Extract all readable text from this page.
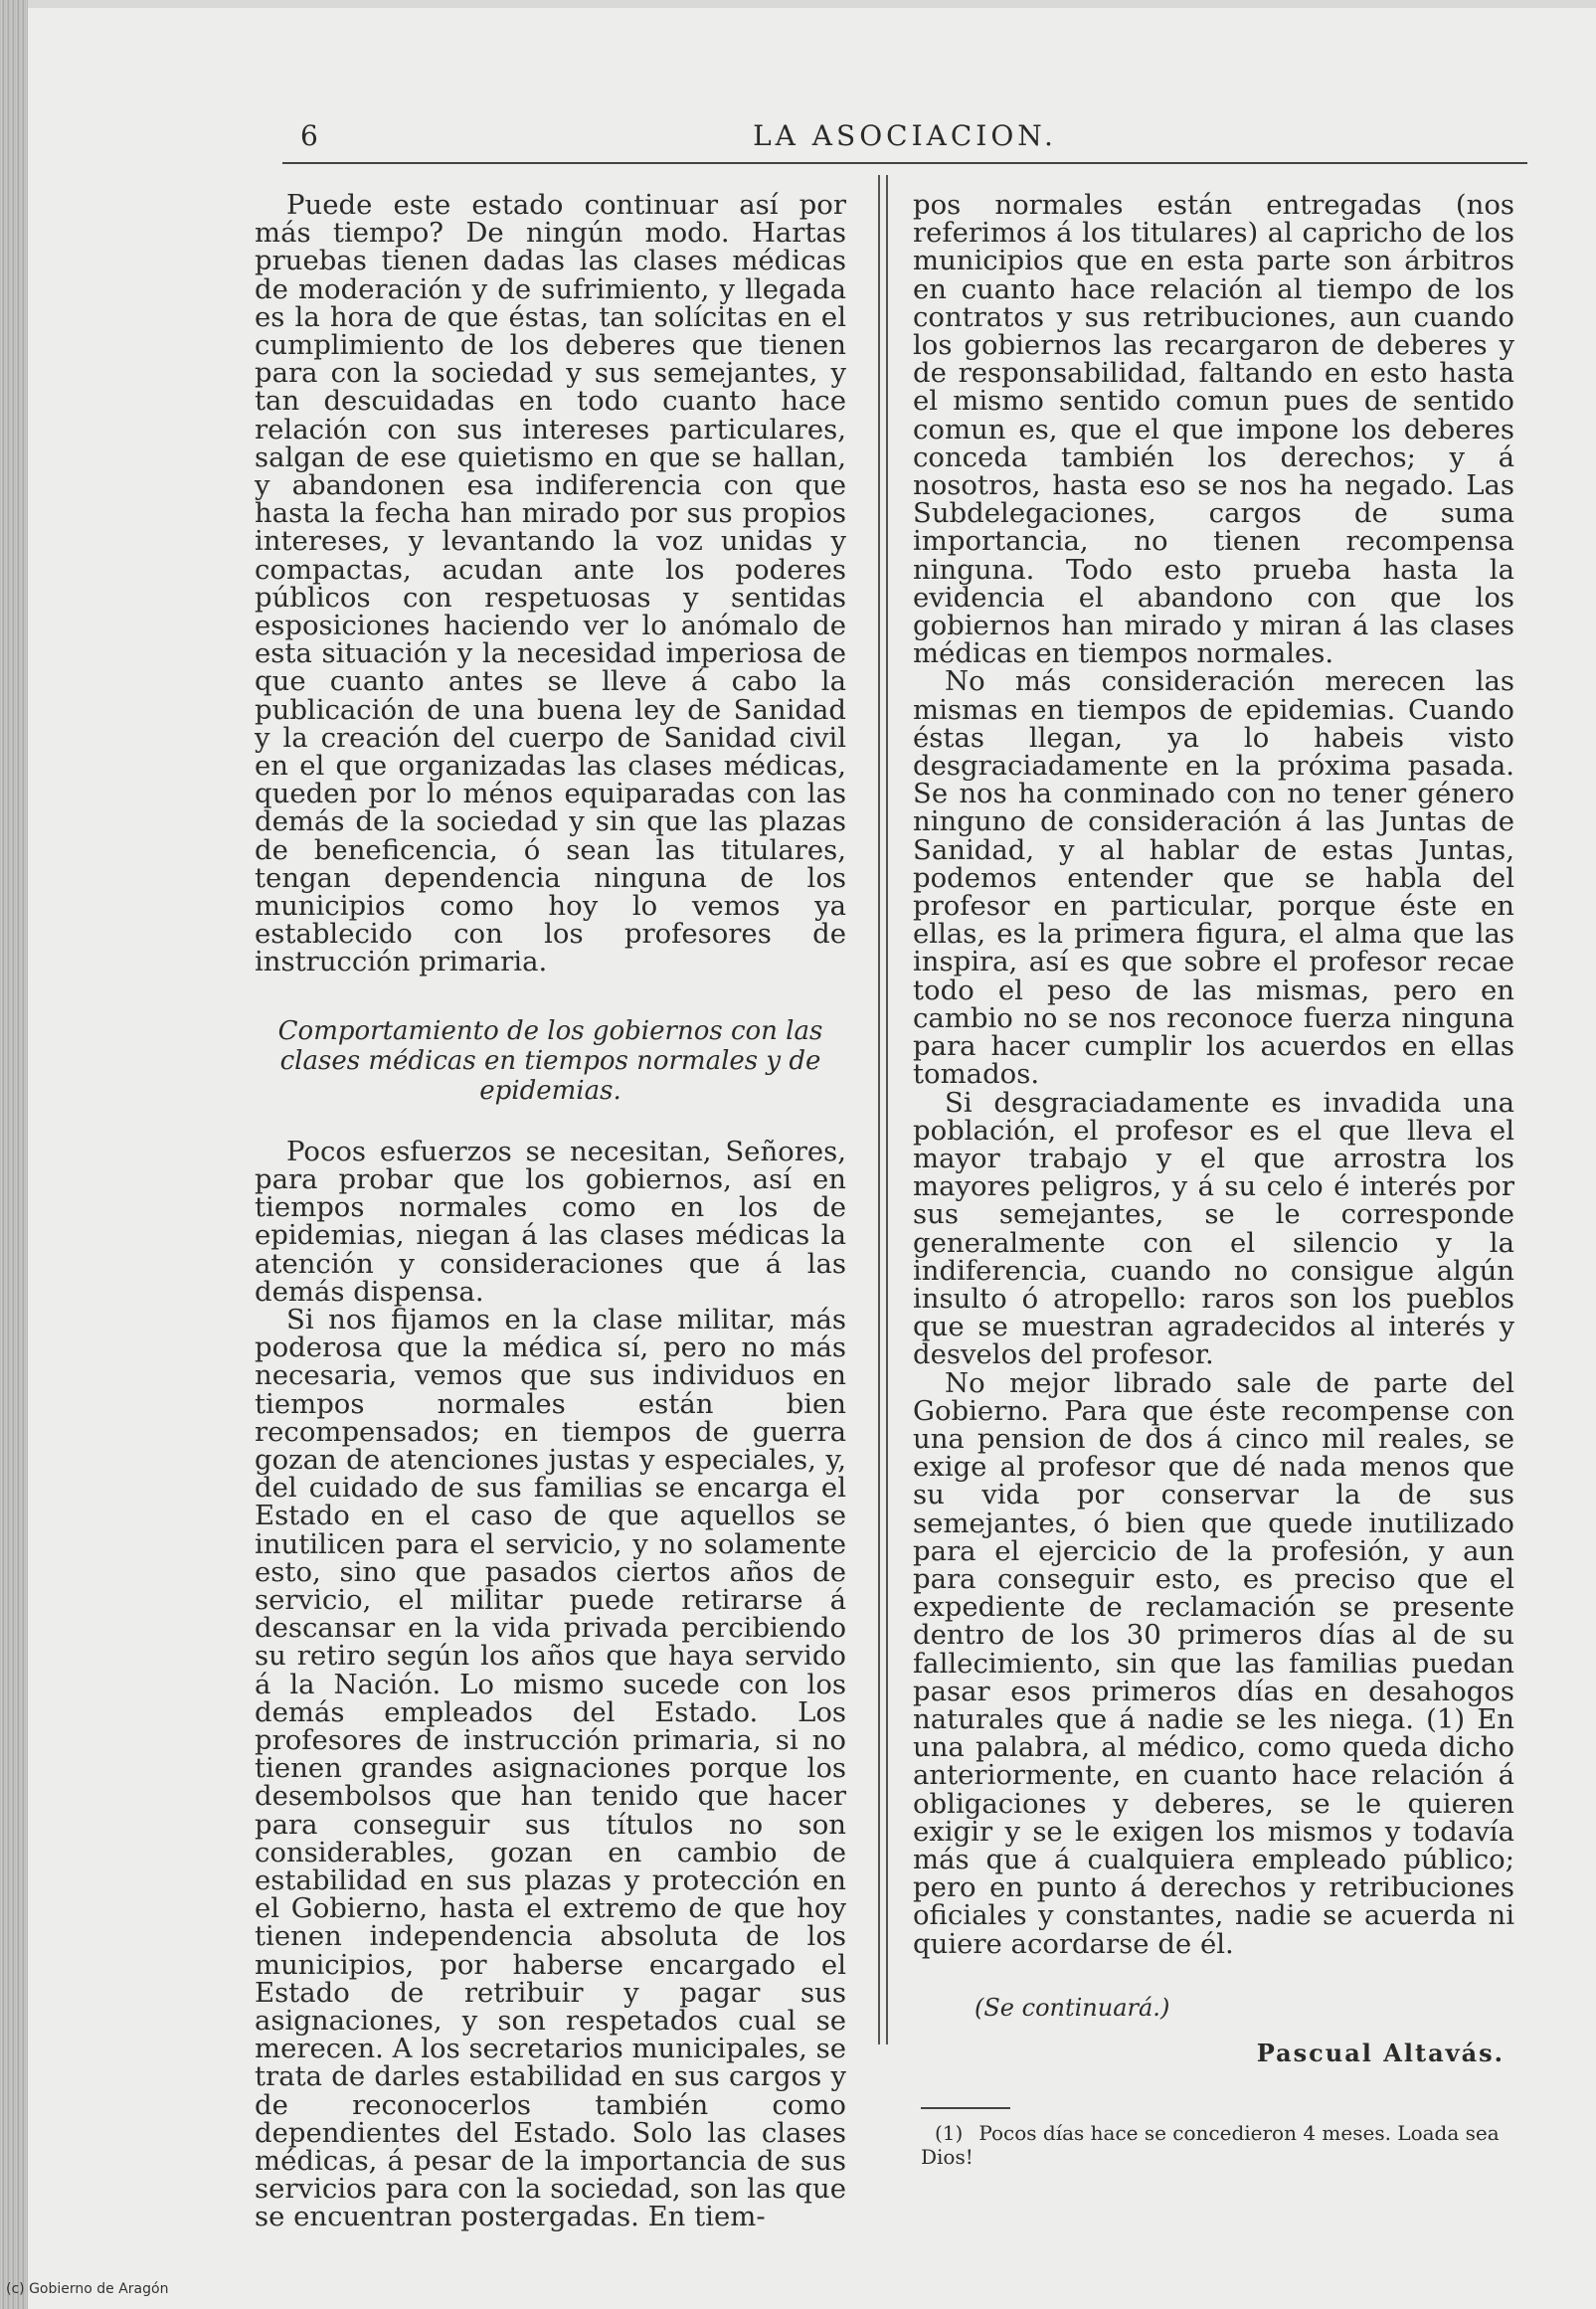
6	LA ASOCIACION.

Puede este estado continuar así por más tiempo? De ningún modo. Hartas pruebas tienen dadas las clases médicas de moderación y de sufrimiento, y llegada es la hora de que éstas, tan solícitas en el cumplimiento de los deberes que tienen para con la sociedad y sus semejantes, y tan descuidadas en todo cuanto hace relación con sus intereses particulares, salgan de ese quietismo en que se hallan, y abandonen esa indiferencia con que hasta la fecha han mirado por sus propios intereses, y levantando la voz unidas y compactas, acudan ante los poderes públicos con respetuosas y sentidas esposiciones haciendo ver lo anómalo de esta situación y la necesidad imperiosa de que cuanto antes se lleve á cabo la publicación de una buena ley de Sanidad y la creación del cuerpo de Sanidad civil en el que organizadas las clases médicas, queden por lo ménos equiparadas con las demás de la sociedad y sin que las plazas de beneficencia, ó sean las titulares, tengan dependencia ninguna de los municipios como hoy lo vemos ya establecido con los profesores de instrucción primaria.

Comportamiento de los gobiernos con las clases médicas en tiempos normales y de epidemias.

Pocos esfuerzos se necesitan, Señores, para probar que los gobiernos, así en tiempos normales como en los de epidemias, niegan á las clases médicas la atención y consideraciones que á las demás dispensa.

Si nos fijamos en la clase militar, más poderosa que la médica sí, pero no más necesaria, vemos que sus individuos en tiempos normales están bien recompensados; en tiempos de guerra gozan de atenciones justas y especiales, y, del cuidado de sus familias se encarga el Estado en el caso de que aquellos se inutilicen para el servicio, y no solamente esto, sino que pasados ciertos años de servicio, el militar puede retirarse á descansar en la vida privada percibiendo su retiro según los años que haya servido á la Nación. Lo mismo sucede con los demás empleados del Estado. Los profesores de instrucción primaria, si no tienen grandes asignaciones porque los desembolsos que han tenido que hacer para conseguir sus títulos no son considerables, gozan en cambio de estabilidad en sus plazas y protección en el Gobierno, hasta el extremo de que hoy tienen independencia absoluta de los municipios, por haberse encargado el Estado de retribuir y pagar sus asignaciones, y son respetados cual se merecen. A los secretarios municipales, se trata de darles estabilidad en sus cargos y de reconocerlos también como dependientes del Estado. Solo las clases médicas, á pesar de la importancia de sus servicios para con la sociedad, son las que se encuentran postergadas. En tiem-

pos normales están entregadas (nos referimos á los titulares) al capricho de los municipios que en esta parte son árbitros en cuanto hace relación al tiempo de los contratos y sus retribuciones, aun cuando los gobiernos las recargaron de deberes y de responsabilidad, faltando en esto hasta el mismo sentido comun pues de sentido comun es, que el que impone los deberes conceda también los derechos; y á nosotros, hasta eso se nos ha negado. Las Subdelegaciones, cargos de suma importancia, no tienen recompensa ninguna. Todo esto prueba hasta la evidencia el abandono con que los gobiernos han mirado y miran á las clases médicas en tiempos normales.

No más consideración merecen las mismas en tiempos de epidemias. Cuando éstas llegan, ya lo habeis visto desgraciadamente en la próxima pasada. Se nos ha conminado con no tener género ninguno de consideración á las Juntas de Sanidad, y al hablar de estas Juntas, podemos entender que se habla del profesor en particular, porque éste en ellas, es la primera figura, el alma que las inspira, así es que sobre el profesor recae todo el peso de las mismas, pero en cambio no se nos reconoce fuerza ninguna para hacer cumplir los acuerdos en ellas tomados.

Si desgraciadamente es invadida una población, el profesor es el que lleva el mayor trabajo y el que arrostra los mayores peligros, y á su celo é interés por sus semejantes, se le corresponde generalmente con el silencio y la indiferencia, cuando no consigue algún insulto ó atropello: raros son los pueblos que se muestran agradecidos al interés y desvelos del profesor.

No mejor librado sale de parte del Gobierno. Para que éste recompense con una pension de dos á cinco mil reales, se exige al profesor que dé nada menos que su vida por conservar la de sus semejantes, ó bien que quede inutilizado para el ejercicio de la profesión, y aun para conseguir esto, es preciso que el expediente de reclamación se presente dentro de los 30 primeros días al de su fallecimiento, sin que las familias puedan pasar esos primeros días en desahogos naturales que á nadie se les niega. (1) En una palabra, al médico, como queda dicho anteriormente, en cuanto hace relación á obligaciones y deberes, se le quieren exigir y se le exigen los mismos y todavía más que á cualquiera empleado público; pero en punto á derechos y retribuciones oficiales y constantes, nadie se acuerda ni quiere acordarse de él.

(Se continuará.)
Pascual Altavás.
(1) Pocos días hace se concedieron 4 meses. Loada sea Dios!
(c) Gobierno de Aragón
